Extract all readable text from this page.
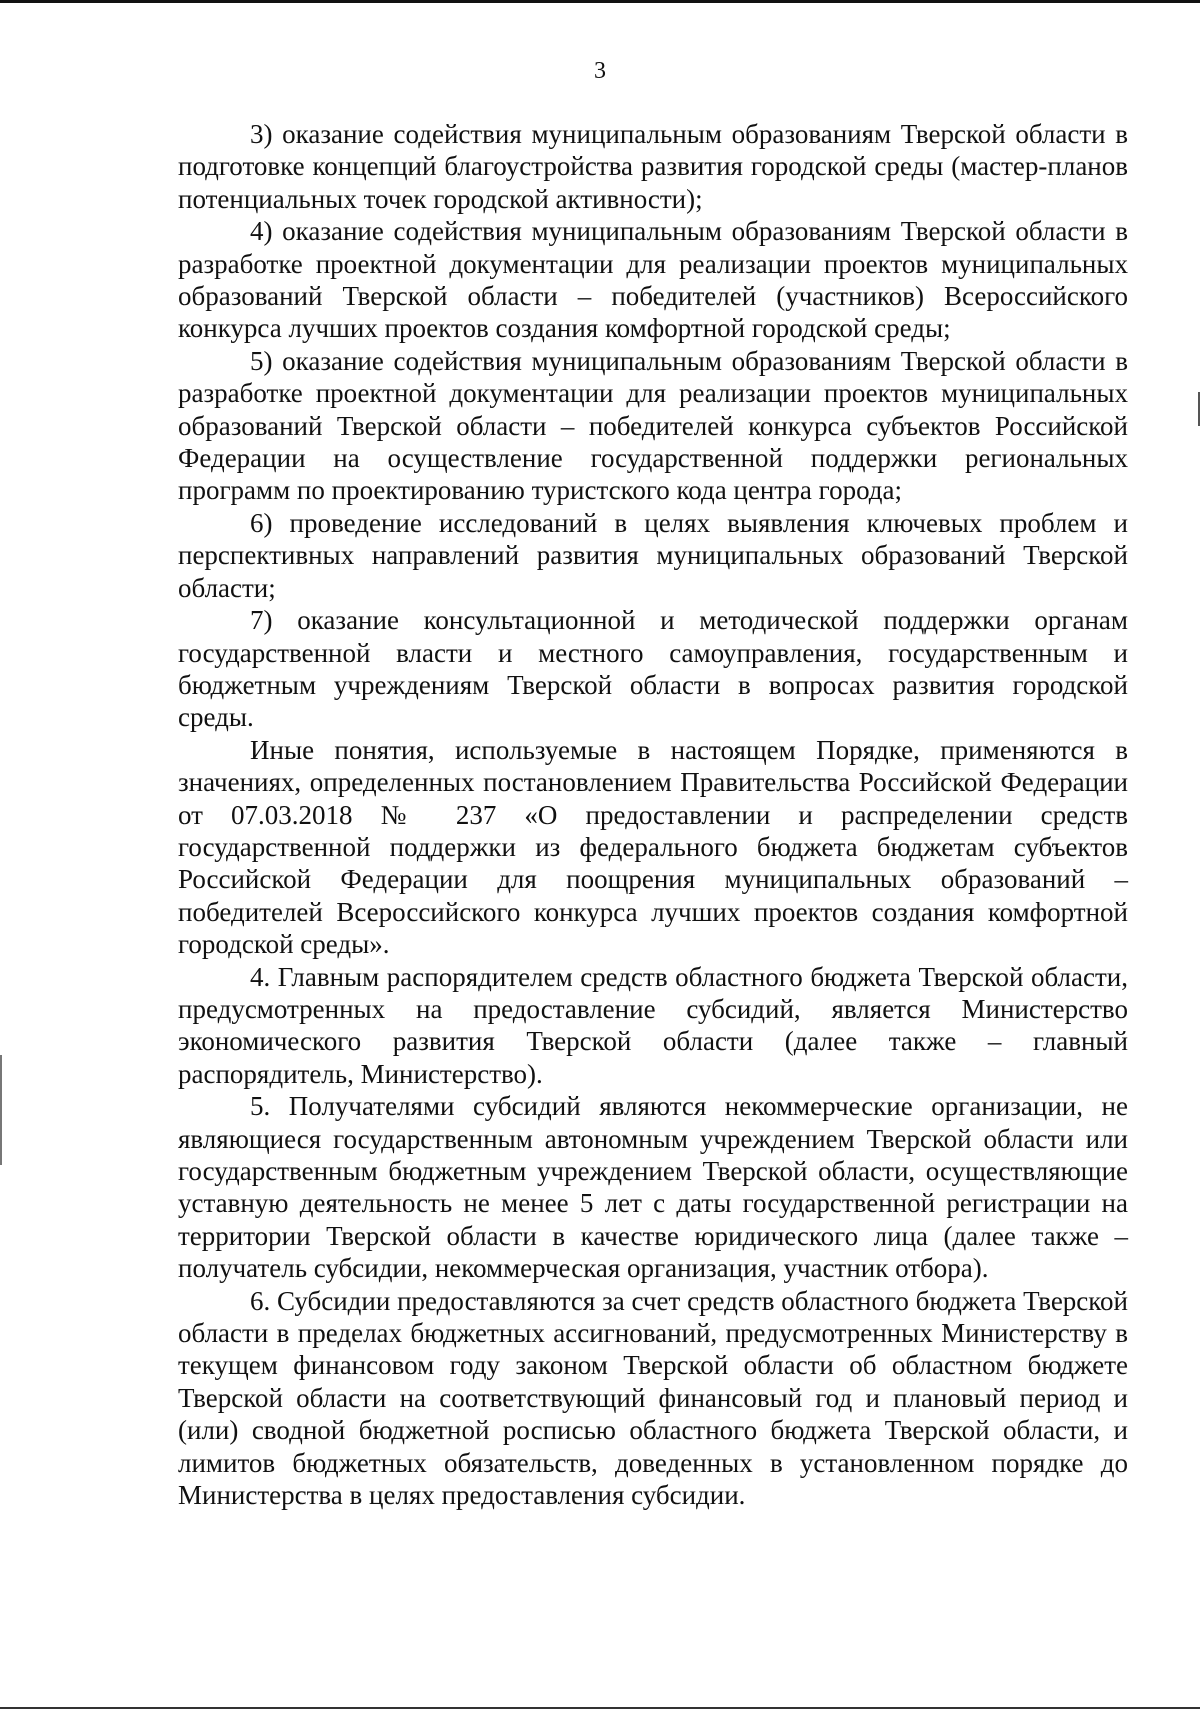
3

3) оказание содействия муниципальным образованиям Тверской области в подготовке концепций благоустройства развития городской среды (мастер-планов потенциальных точек городской активности);

4) оказание содействия муниципальным образованиям Тверской области в разработке проектной документации для реализации проектов муниципальных образований Тверской области – победителей (участников) Всероссийского конкурса лучших проектов создания комфортной городской среды;

5) оказание содействия муниципальным образованиям Тверской области в разработке проектной документации для реализации проектов муниципальных образований Тверской области – победителей конкурса субъектов Российской Федерации на осуществление государственной поддержки региональных программ по проектированию туристского кода центра города;

6) проведение исследований в целях выявления ключевых проблем и перспективных направлений развития муниципальных образований Тверской области;

7) оказание консультационной и методической поддержки органам государственной власти и местного самоуправления, государственным и бюджетным учреждениям Тверской области в вопросах развития городской среды.

Иные понятия, используемые в настоящем Порядке, применяются в значениях, определенных постановлением Правительства Российской Федерации от 07.03.2018 № 237 «О предоставлении и распределении средств государственной поддержки из федерального бюджета бюджетам субъектов Российской Федерации для поощрения муниципальных образований – победителей Всероссийского конкурса лучших проектов создания комфортной городской среды».

4. Главным распорядителем средств областного бюджета Тверской области, предусмотренных на предоставление субсидий, является Министерство экономического развития Тверской области (далее также – главный распорядитель, Министерство).

5. Получателями субсидий являются некоммерческие организации, не являющиеся государственным автономным учреждением Тверской области или государственным бюджетным учреждением Тверской области, осуществляющие уставную деятельность не менее 5 лет с даты государственной регистрации на территории Тверской области в качестве юридического лица (далее также – получатель субсидии, некоммерческая организация, участник отбора).

6. Субсидии предоставляются за счет средств областного бюджета Тверской области в пределах бюджетных ассигнований, предусмотренных Министерству в текущем финансовом году законом Тверской области об областном бюджете Тверской области на соответствующий финансовый год и плановый период и (или) сводной бюджетной росписью областного бюджета Тверской области, и лимитов бюджетных обязательств, доведенных в установленном порядке до Министерства в целях предоставления субсидии.
